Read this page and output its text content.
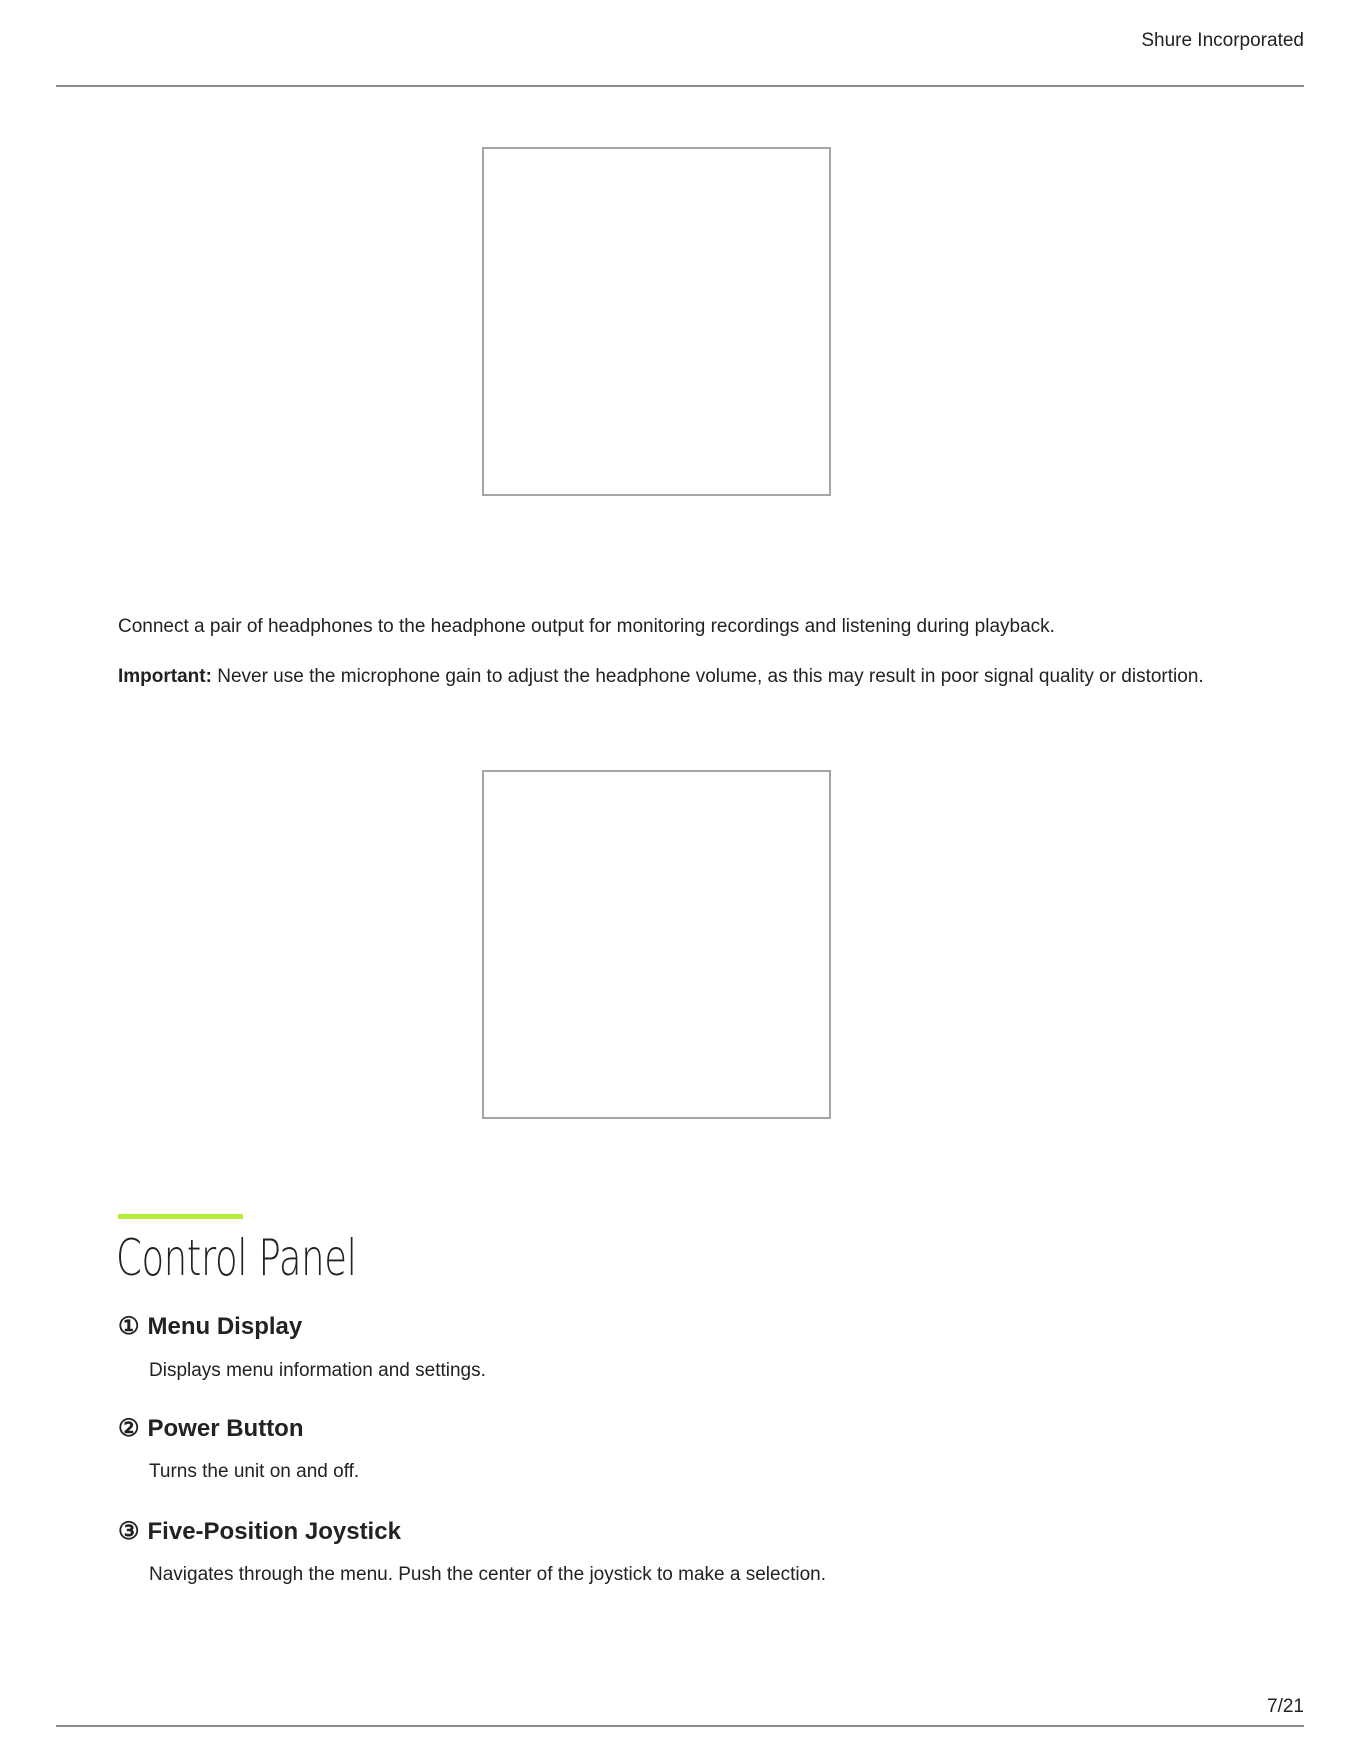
Shure Incorporated
Connect a pair of headphones to the headphone output for monitoring recordings and listening during playback.
Important: Never use the microphone gain to adjust the headphone volume, as this may result in poor signal quality or distortion.
Control Panel
① Menu Display
Displays menu information and settings.
② Power Button
Turns the unit on and off.
③ Five-Position Joystick
Navigates through the menu. Push the center of the joystick to make a selection.
7/21
